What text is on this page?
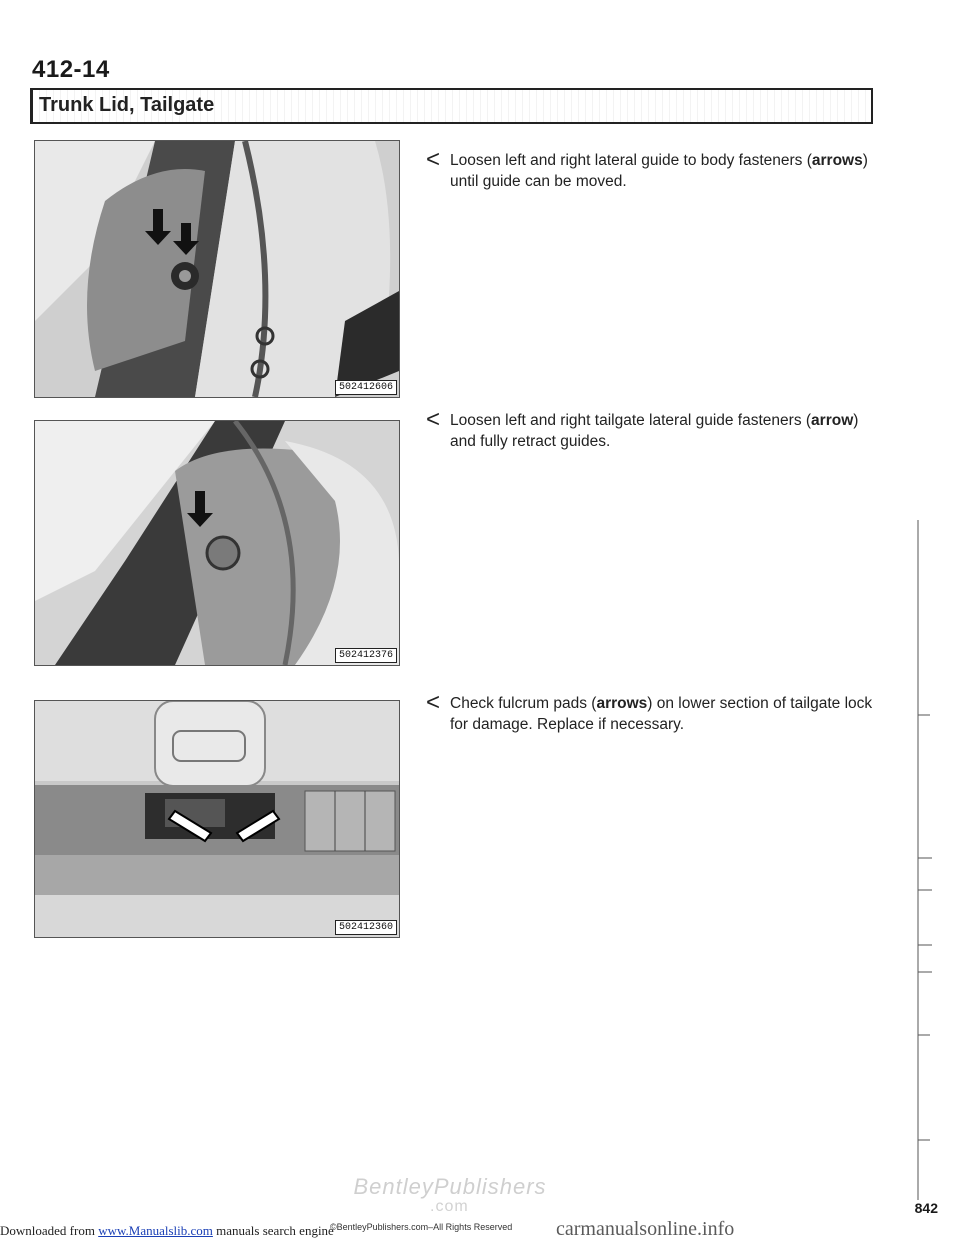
412-14
Trunk Lid, Tailgate
502412606
502412376
502412360
< Loosen left and right lateral guide to body fasteners (arrows) until guide can be moved.
< Loosen left and right tailgate lateral guide fasteners (arrow) and fully retract guides.
< Check fulcrum pads (arrows) on lower section of tailgate lock for damage. Replace if necessary.
842
BentleyPublishers
.com
Downloaded from www.Manualslib.com manuals search engine
©BentleyPublishers.com–All Rights Reserved carmanualsonline.info
